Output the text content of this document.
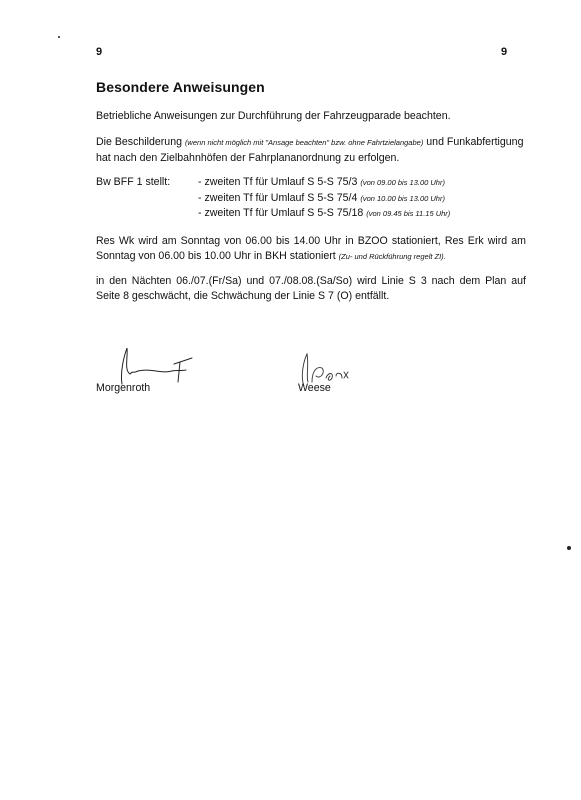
9	9
Besondere Anweisungen
Betriebliche Anweisungen zur Durchführung der Fahrzeugparade beachten.
Die Beschilderung (wenn nicht möglich mit "Ansage beachten" bzw. ohne Fahrtzielangabe) und Funkabfertigung hat nach den Zielbahnhöfen der Fahrplananordnung zu erfolgen.
Bw BFF 1 stellt:	- zweiten Tf für Umlauf S 5-S 75/3 (von 09.00 bis 13.00 Uhr)
- zweiten Tf für Umlauf S 5-S 75/4 (von 10.00 bis 13.00 Uhr)
- zweiten Tf für Umlauf S 5-S 75/18 (von 09.45 bis 11.15 Uhr)
Res Wk wird am Sonntag von 06.00 bis 14.00 Uhr in BZOO stationiert, Res Erk wird am Sonntag von 06.00 bis 10.00 Uhr in BKH stationiert (Zu- und Rückführung regelt ZI).
in den Nächten 06./07.(Fr/Sa) und 07./08.08.(Sa/So) wird Linie S 3 nach dem Plan auf Seite 8 geschwächt, die Schwächung der Linie S 7 (O) entfällt.
Morgenroth	Weese
